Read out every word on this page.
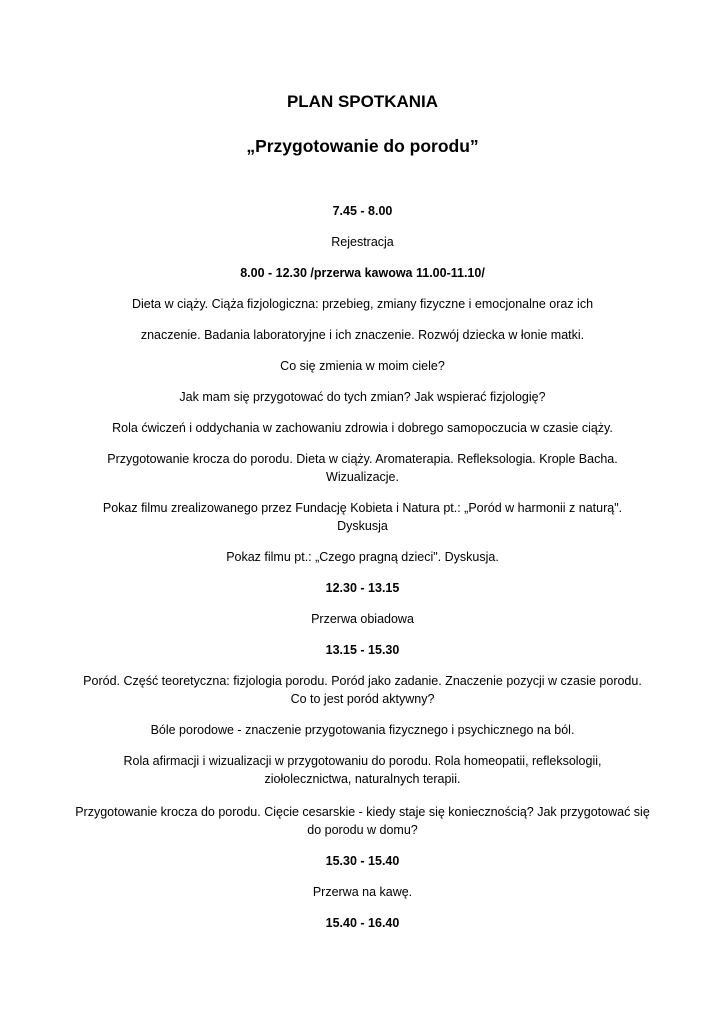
PLAN SPOTKANIA
„Przygotowanie do porodu”
7.45 - 8.00
Rejestracja
8.00 - 12.30 /przerwa kawowa 11.00-11.10/
Dieta w ciąży. Ciąża fizjologiczna: przebieg, zmiany fizyczne i emocjonalne oraz ich
znaczenie. Badania laboratoryjne i ich znaczenie. Rozwój dziecka w łonie matki.
Co się zmienia w moim ciele?
Jak mam się przygotować do tych zmian? Jak wspierać fizjologię?
Rola ćwiczeń i oddychania w zachowaniu zdrowia i dobrego samopoczucia w czasie ciąży.
Przygotowanie krocza do porodu. Dieta w ciąży. Aromaterapia. Refleksologia. Krople Bacha.
Wizualizacje.
Pokaz filmu zrealizowanego przez Fundację Kobieta i Natura pt.: „Poród w harmonii z naturą".
Dyskusja
Pokaz filmu pt.: „Czego pragną dzieci". Dyskusja.
12.30 - 13.15
Przerwa obiadowa
13.15 - 15.30
Poród. Część teoretyczna: fizjologia porodu. Poród jako zadanie. Znaczenie pozycji w czasie porodu.
Co to jest poród aktywny?
Bóle porodowe - znaczenie przygotowania fizycznego i psychicznego na ból.
Rola afirmacji i wizualizacji w przygotowaniu do porodu. Rola homeopatii, refleksologii,
ziołolecznictwa, naturalnych terapii.
Przygotowanie krocza do porodu. Cięcie cesarskie - kiedy staje się koniecznością? Jak przygotować się
do porodu w domu?
15.30 - 15.40
Przerwa na kawę.
15.40 - 16.40
